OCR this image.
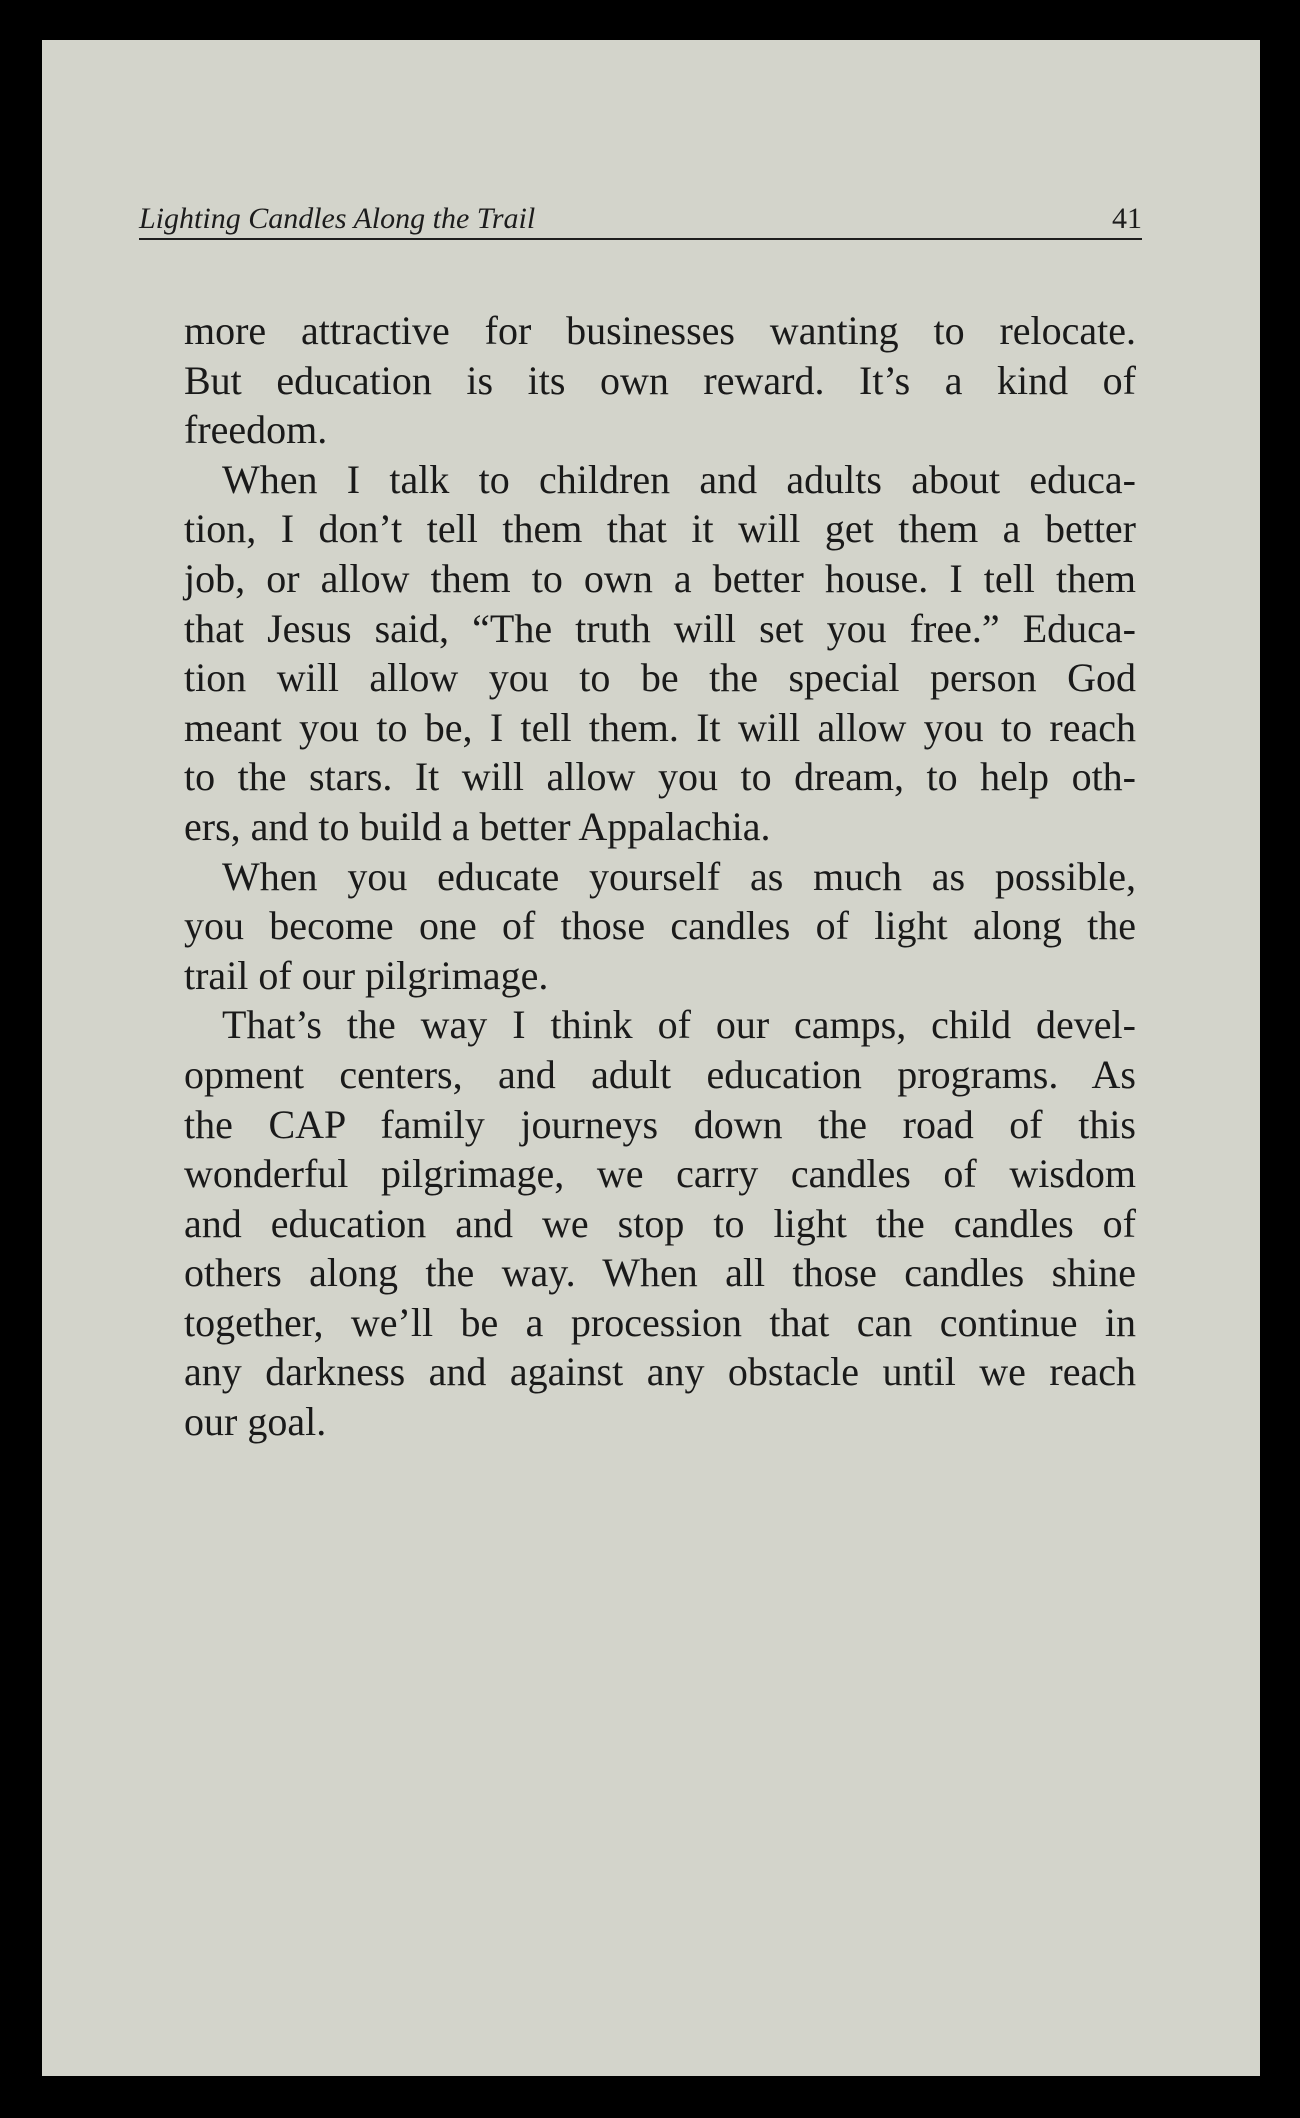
Lighting Candles Along the Trail	41
more attractive for businesses wanting to relocate.
But education is its own reward. It’s a kind of
freedom.
When I talk to children and adults about educa-
tion, I don’t tell them that it will get them a better
job, or allow them to own a better house. I tell them
that Jesus said, “The truth will set you free.” Educa-
tion will allow you to be the special person God
meant you to be, I tell them. It will allow you to reach
to the stars. It will allow you to dream, to help oth-
ers, and to build a better Appalachia.
When you educate yourself as much as possible,
you become one of those candles of light along the
trail of our pilgrimage.
That’s the way I think of our camps, child devel-
opment centers, and adult education programs. As
the CAP family journeys down the road of this
wonderful pilgrimage, we carry candles of wisdom
and education and we stop to light the candles of
others along the way. When all those candles shine
together, we’ll be a procession that can continue in
any darkness and against any obstacle until we reach
our goal.
